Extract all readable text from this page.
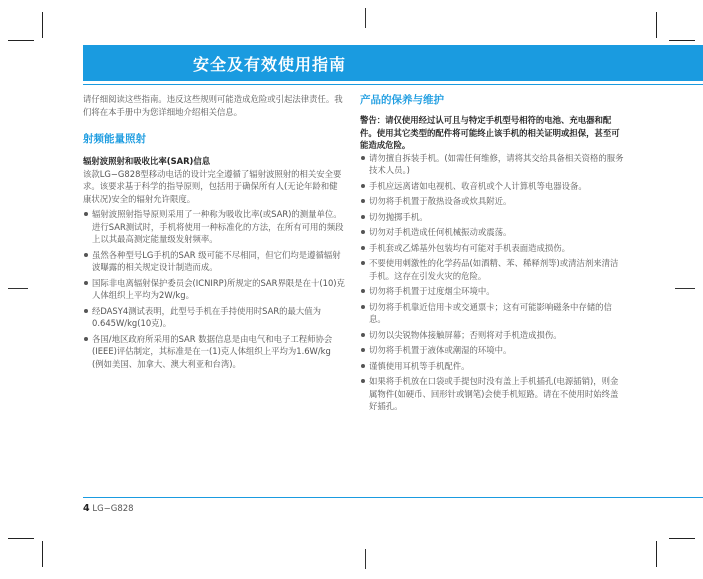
安全及有效使用指南

请仔细阅读这些指南。违反这些规则可能造成危险或引起法律责任。我们将在本手册中为您详细地介绍相关信息。

射频能量照射

辐射波照射和吸收比率(SAR)信息

该款LG−G828型移动电话的设计完全遵循了辐射波照射的相关安全要求。该要求基于科学的指导原则，包括用于确保所有人(无论年龄和健康状况)安全的辐射允许限度。

辐射波照射指导原则采用了一种称为吸收比率(或SAR)的测量单位。进行SAR测试时，手机将使用一种标准化的方法，在所有可用的频段上以其最高测定能量级发射频率。
虽然各种型号LG手机的SAR 级可能不尽相同，但它们均是遵循辐射波曝露的相关规定设计制造而成。
国际非电离辐射保护委员会(ICNIRP)所规定的SAR界限是在十(10)克人体组织上平均为2W/kg。
经DASY4测试表明，此型号手机在手持使用时SAR的最大值为0.645W/kg(10克)。
各国/地区政府所采用的SAR 数据信息是由电气和电子工程师协会(IEEE)评估制定，其标准是在一(1)克人体组织上平均为1.6W/kg (例如美国、加拿大、澳大利亚和台湾)。

产品的保养与维护

警告：请仅使用经过认可且与特定手机型号相符的电池、充电器和配件。使用其它类型的配件将可能终止该手机的相关证明或担保，甚至可能造成危险。

请勿擅自拆装手机。(如需任何维修，请将其交给具备相关资格的服务技术人员。)
手机应远离诸如电视机、收音机或个人计算机等电器设备。
切勿将手机置于散热设备或炊具附近。
切勿抛掷手机。
切勿对手机造成任何机械振动或震荡。
手机套或乙烯基外包装均有可能对手机表面造成损伤。
不要使用刺激性的化学药品(如酒精、苯、稀释剂等)或清洁剂来清洁手机。这存在引发火灾的危险。
切勿将手机置于过度烟尘环境中。
切勿将手机靠近信用卡或交通票卡；这有可能影响磁条中存储的信息。
切勿以尖锐物体接触屏幕；否则将对手机造成损伤。
切勿将手机置于液体或潮湿的环境中。
谨慎使用耳机等手机配件。
如果将手机放在口袋或手提包时没有盖上手机插孔(电源插销)，则金属物件(如硬币、回形针或钢笔)会使手机短路。请在不使用时始终盖好插孔。
4 LG−G828
